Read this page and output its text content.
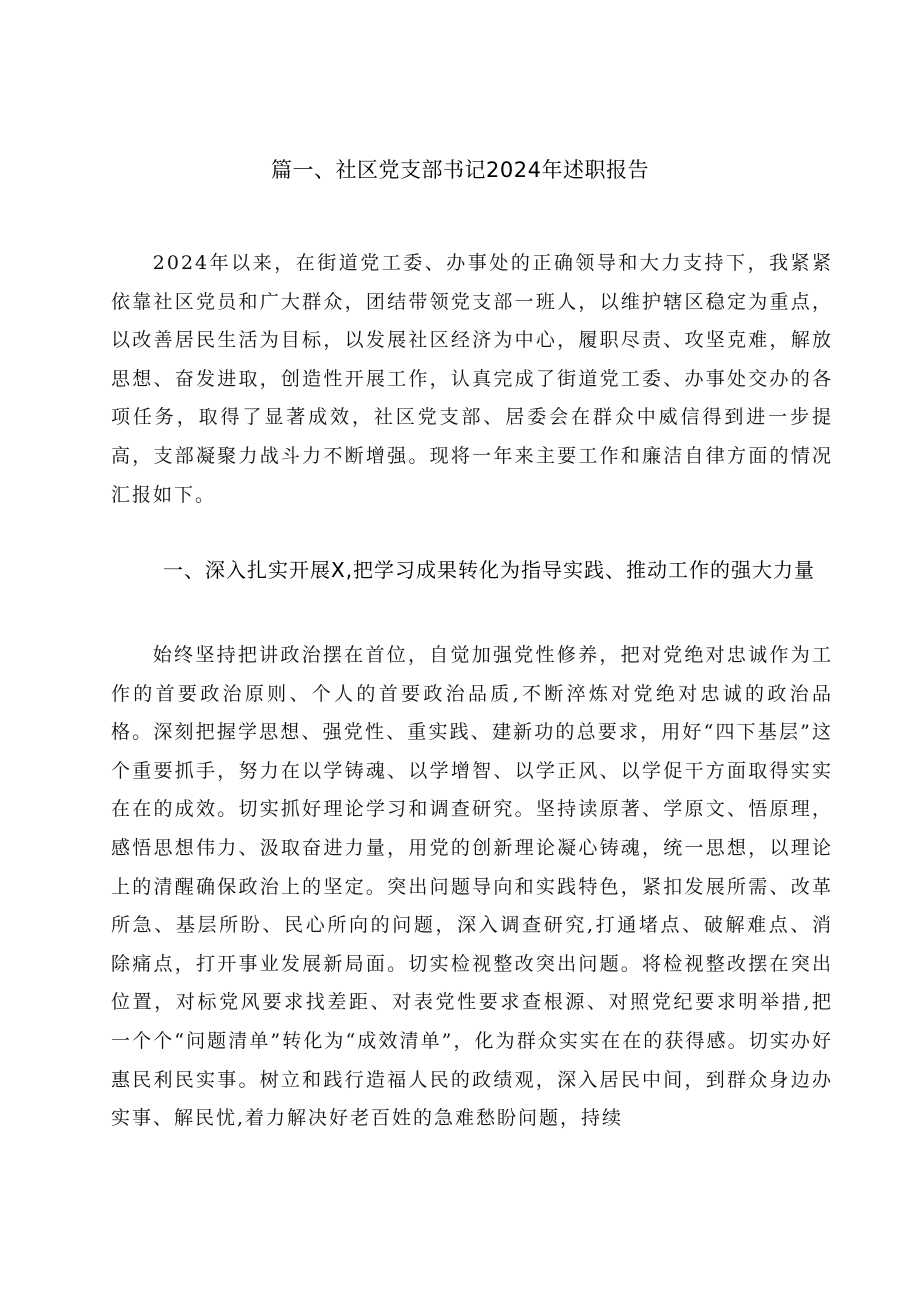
篇一、社区党支部书记2024年述职报告

2024年以来，在街道党工委、办事处的正确领导和大力支持下，我紧紧依靠社区党员和广大群众，团结带领党支部一班人，以维护辖区稳定为重点，以改善居民生活为目标，以发展社区经济为中心，履职尽责、攻坚克难，解放思想、奋发进取，创造性开展工作，认真完成了街道党工委、办事处交办的各项任务，取得了显著成效，社区党支部、居委会在群众中威信得到进一步提高，支部凝聚力战斗力不断增强。现将一年来主要工作和廉洁自律方面的情况汇报如下。

一、深入扎实开展X,把学习成果转化为指导实践、推动工作的强大力量

始终坚持把讲政治摆在首位，自觉加强党性修养，把对党绝对忠诚作为工作的首要政治原则、个人的首要政治品质,不断淬炼对党绝对忠诚的政治品格。深刻把握学思想、强党性、重实践、建新功的总要求，用好“四下基层”这个重要抓手，努力在以学铸魂、以学增智、以学正风、以学促干方面取得实实在在的成效。切实抓好理论学习和调查研究。坚持读原著、学原文、悟原理，感悟思想伟力、汲取奋进力量，用党的创新理论凝心铸魂，统一思想，以理论上的清醒确保政治上的坚定。突出问题导向和实践特色，紧扣发展所需、改革所急、基层所盼、民心所向的问题，深入调查研究,打通堵点、破解难点、消除痛点，打开事业发展新局面。切实检视整改突出问题。将检视整改摆在突出位置，对标党风要求找差距、对表党性要求查根源、对照党纪要求明举措,把一个个“问题清单”转化为“成效清单”，化为群众实实在在的获得感。切实办好惠民利民实事。树立和践行造福人民的政绩观，深入居民中间，到群众身边办实事、解民忧,着力解决好老百姓的急难愁盼问题，持续
